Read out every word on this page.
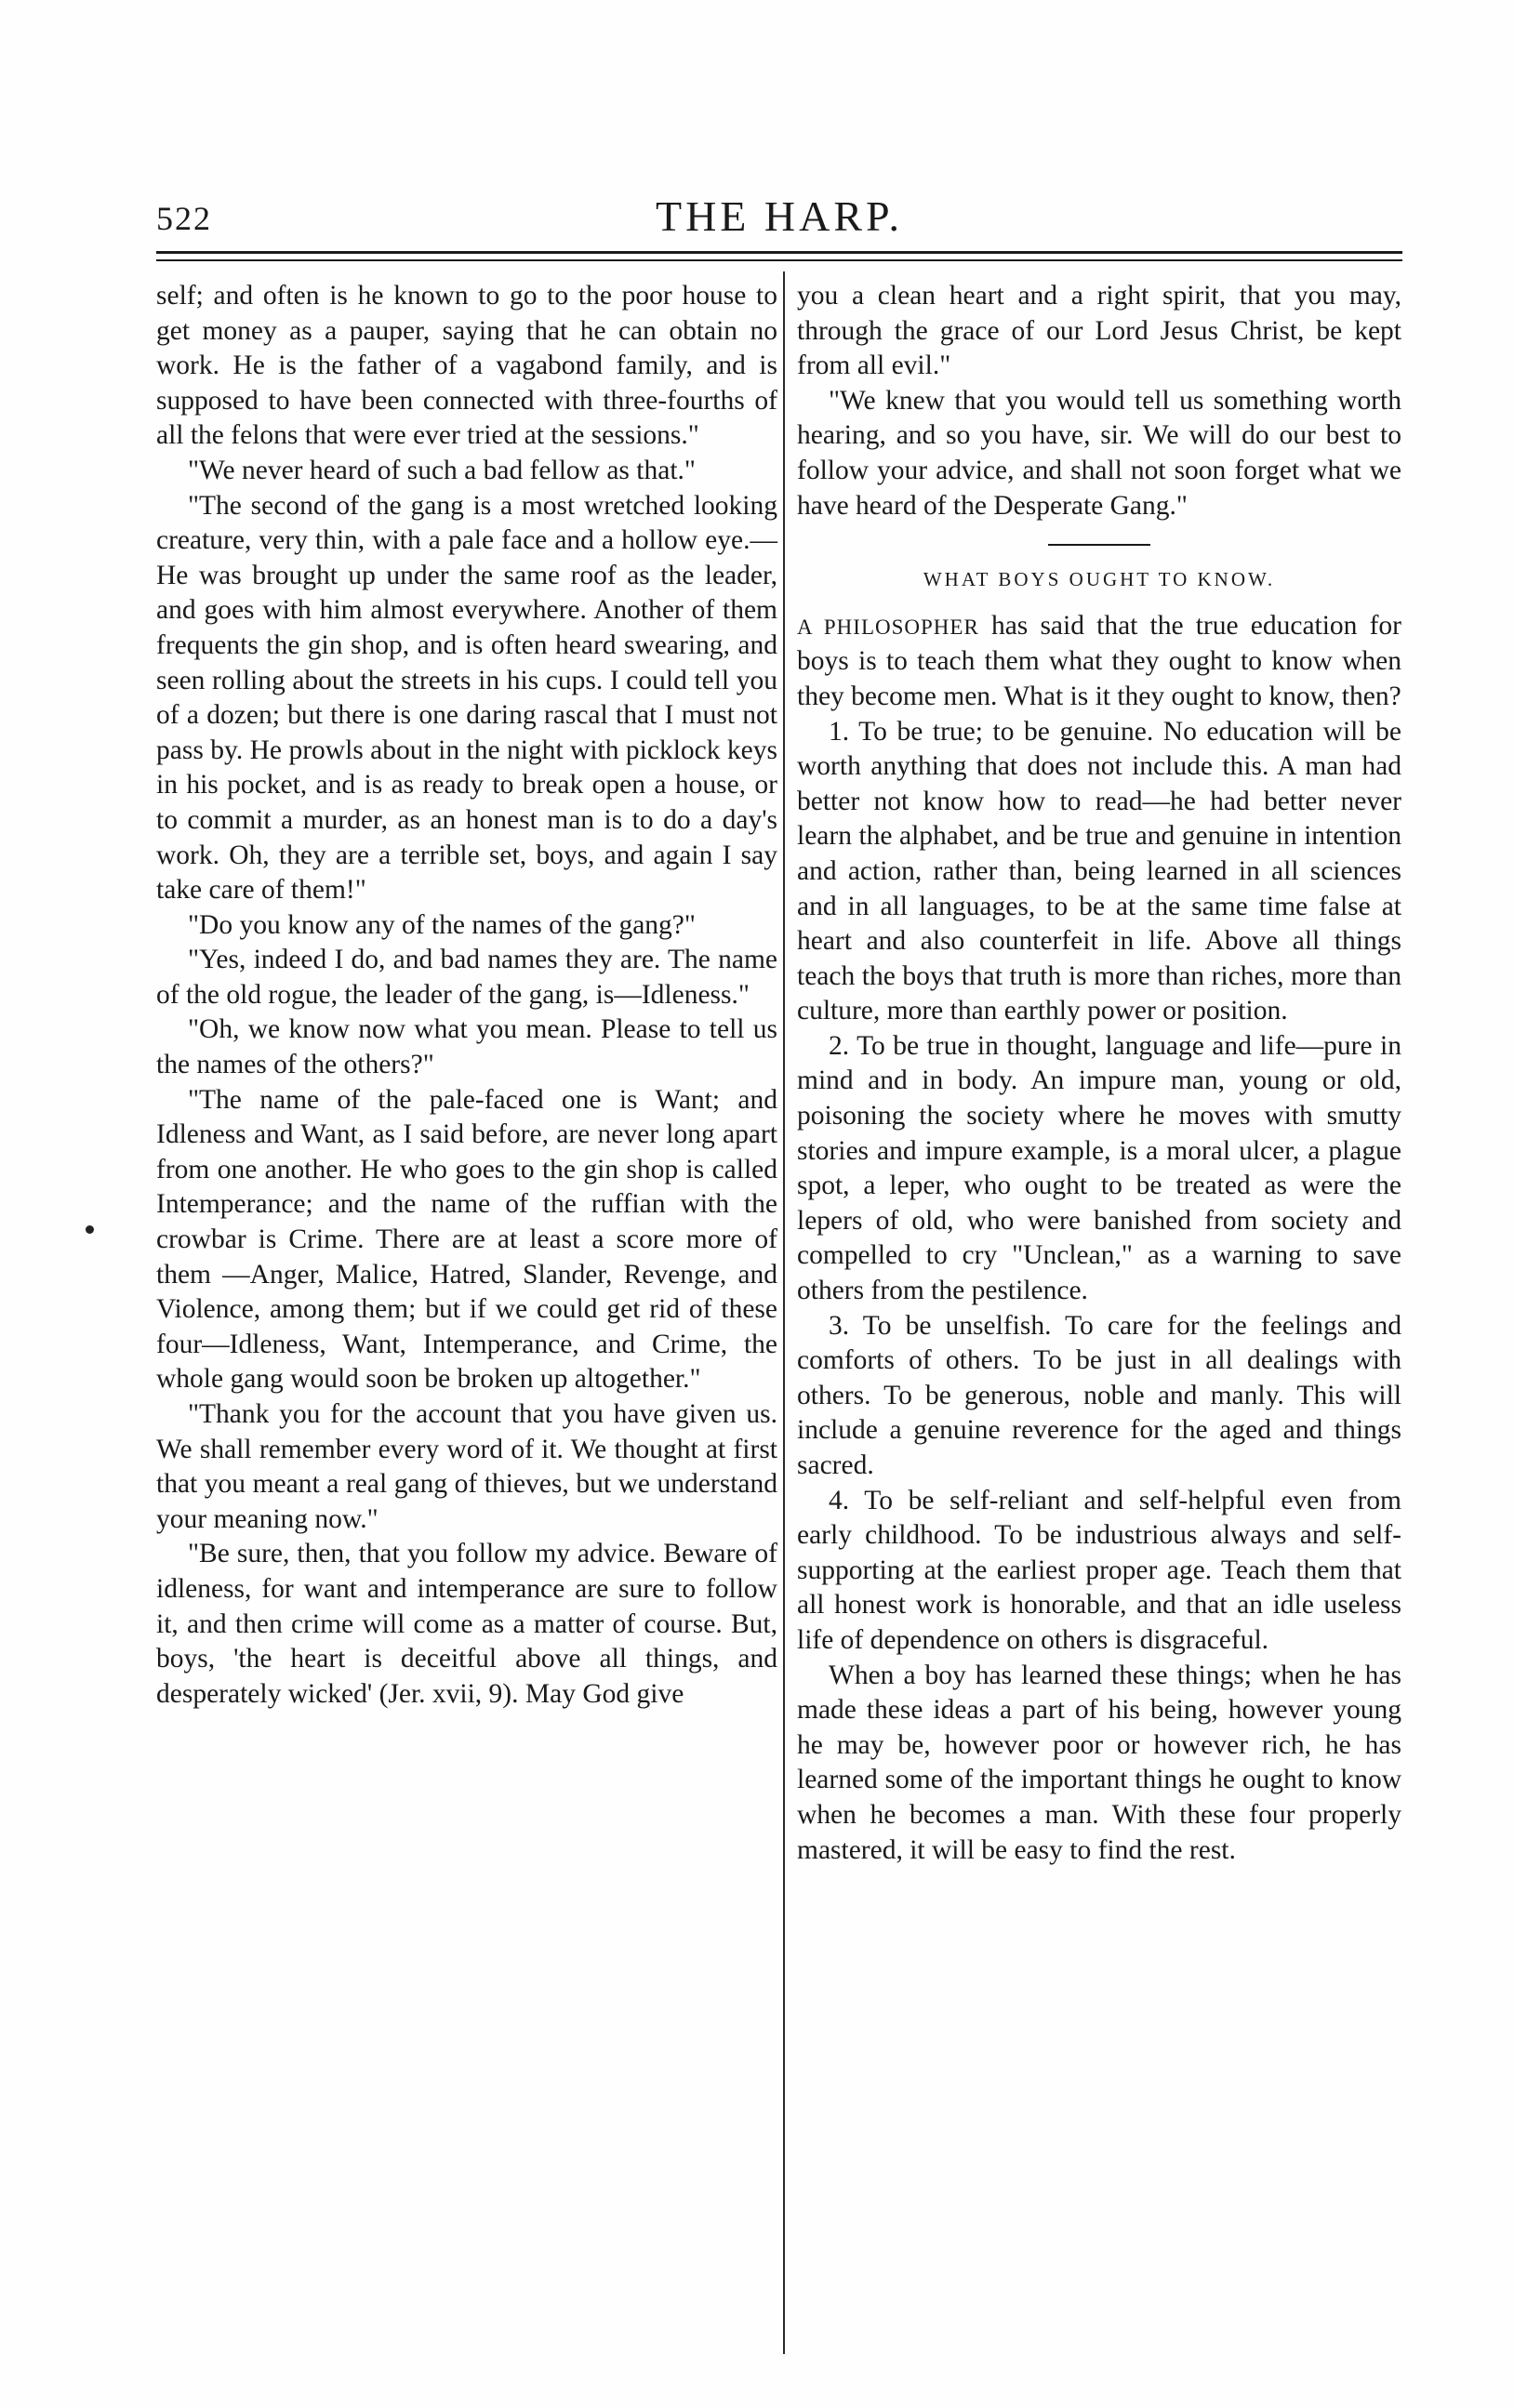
522	THE HARP.

self; and often is he known to go to the poor house to get money as a pauper, saying that he can obtain no work. He is the father of a vagabond family, and is supposed to have been connected with three-fourths of all the felons that were ever tried at the sessions."

"We never heard of such a bad fellow as that."

"The second of the gang is a most wretched looking creature, very thin, with a pale face and a hollow eye.—He was brought up under the same roof as the leader, and goes with him almost everywhere. Another of them frequents the gin shop, and is often heard swearing, and seen rolling about the streets in his cups. I could tell you of a dozen; but there is one daring rascal that I must not pass by. He prowls about in the night with picklock keys in his pocket, and is as ready to break open a house, or to commit a murder, as an honest man is to do a day's work. Oh, they are a terrible set, boys, and again I say take care of them!"

"Do you know any of the names of the gang?"

"Yes, indeed I do, and bad names they are. The name of the old rogue, the leader of the gang, is—Idleness."

"Oh, we know now what you mean. Please to tell us the names of the others?"

"The name of the pale-faced one is Want; and Idleness and Want, as I said before, are never long apart from one another. He who goes to the gin shop is called Intemperance; and the name of the ruffian with the crowbar is Crime. There are at least a score more of them —Anger, Malice, Hatred, Slander, Revenge, and Violence, among them; but if we could get rid of these four—Idleness, Want, Intemperance, and Crime, the whole gang would soon be broken up altogether."

"Thank you for the account that you have given us. We shall remember every word of it. We thought at first that you meant a real gang of thieves, but we understand your meaning now."

"Be sure, then, that you follow my advice. Beware of idleness, for want and intemperance are sure to follow it, and then crime will come as a matter of course. But, boys, 'the heart is deceitful above all things, and desperately wicked' (Jer. xvii, 9). May God give

you a clean heart and a right spirit, that you may, through the grace of our Lord Jesus Christ, be kept from all evil."

"We knew that you would tell us something worth hearing, and so you have, sir. We will do our best to follow your advice, and shall not soon forget what we have heard of the Desperate Gang."

WHAT BOYS OUGHT TO KNOW.

A PHILOSOPHER has said that the true education for boys is to teach them what they ought to know when they become men. What is it they ought to know, then?

1. To be true; to be genuine. No education will be worth anything that does not include this. A man had better not know how to read—he had better never learn the alphabet, and be true and genuine in intention and action, rather than, being learned in all sciences and in all languages, to be at the same time false at heart and also counterfeit in life. Above all things teach the boys that truth is more than riches, more than culture, more than earthly power or position.

2. To be true in thought, language and life—pure in mind and in body. An impure man, young or old, poisoning the society where he moves with smutty stories and impure example, is a moral ulcer, a plague spot, a leper, who ought to be treated as were the lepers of old, who were banished from society and compelled to cry "Unclean," as a warning to save others from the pestilence.

3. To be unselfish. To care for the feelings and comforts of others. To be just in all dealings with others. To be generous, noble and manly. This will include a genuine reverence for the aged and things sacred.

4. To be self-reliant and self-helpful even from early childhood. To be industrious always and self-supporting at the earliest proper age. Teach them that all honest work is honorable, and that an idle useless life of dependence on others is disgraceful.

When a boy has learned these things; when he has made these ideas a part of his being, however young he may be, however poor or however rich, he has learned some of the important things he ought to know when he becomes a man. With these four properly mastered, it will be easy to find the rest.
